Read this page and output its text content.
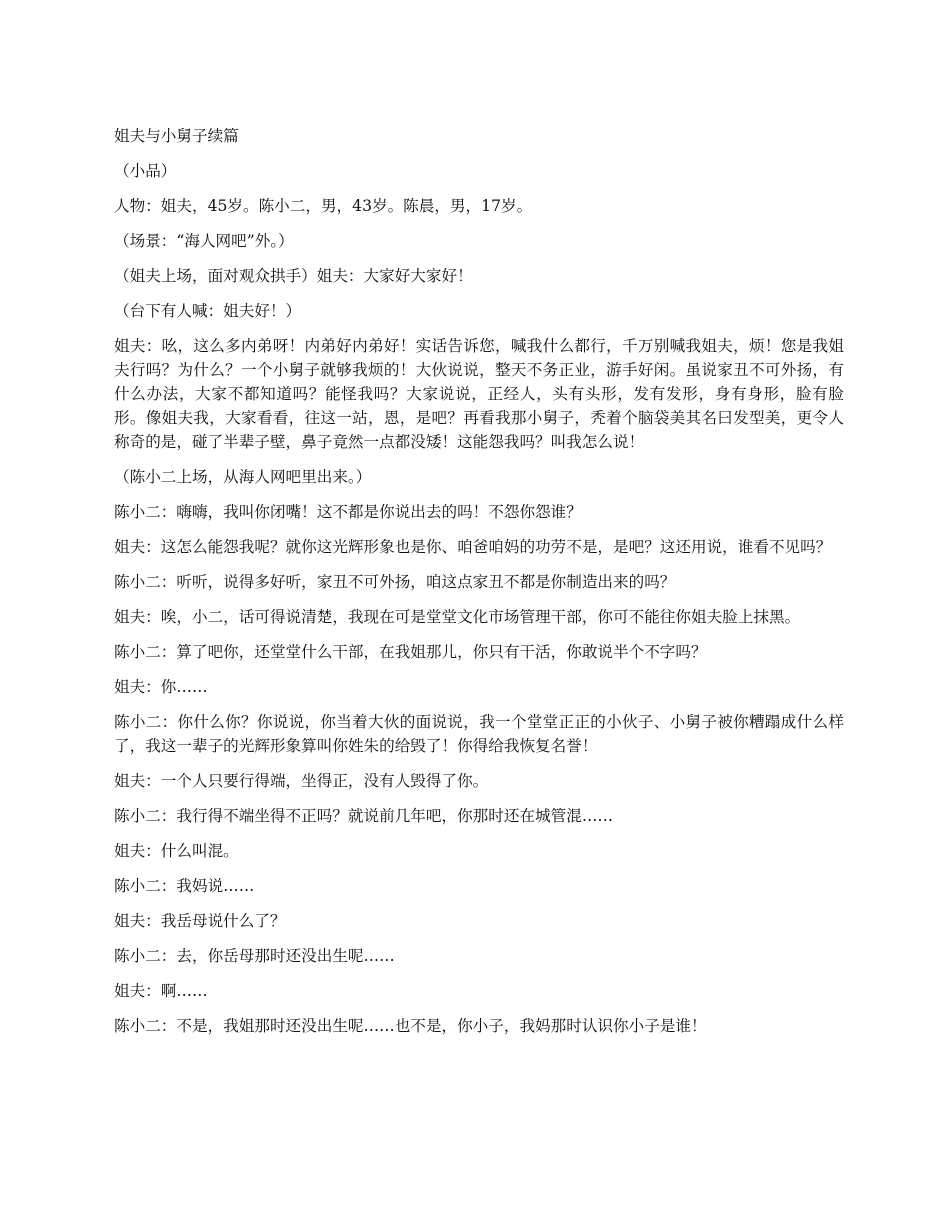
姐夫与小舅子续篇

（小品）

人物：姐夫，45岁。陈小二，男，43岁。陈晨，男，17岁。

（场景：“海人网吧”外。）

（姐夫上场，面对观众拱手）姐夫：大家好大家好！

（台下有人喊：姐夫好！）

姐夫：吆，这么多内弟呀！内弟好内弟好！实话告诉您，喊我什么都行，千万别喊我姐夫，烦！您是我姐夫行吗？为什么？一个小舅子就够我烦的！大伙说说，整天不务正业，游手好闲。虽说家丑不可外扬，有什么办法，大家不都知道吗？能怪我吗？大家说说，正经人，头有头形，发有发形，身有身形，脸有脸形。像姐夫我，大家看看，往这一站，恩，是吧？再看我那小舅子，秃着个脑袋美其名曰发型美，更令人称奇的是，碰了半辈子壁，鼻子竟然一点都没矮！这能怨我吗？叫我怎么说！

（陈小二上场，从海人网吧里出来。）

陈小二：嗨嗨，我叫你闭嘴！这不都是你说出去的吗！不怨你怨谁？

姐夫：这怎么能怨我呢？就你这光辉形象也是你、咱爸咱妈的功劳不是，是吧？这还用说，谁看不见吗？

陈小二：听听，说得多好听，家丑不可外扬，咱这点家丑不都是你制造出来的吗？

姐夫：唉，小二，话可得说清楚，我现在可是堂堂文化市场管理干部，你可不能往你姐夫脸上抹黑。

陈小二：算了吧你，还堂堂什么干部，在我姐那儿，你只有干活，你敢说半个不字吗？

姐夫：你……

陈小二：你什么你？你说说，你当着大伙的面说说，我一个堂堂正正的小伙子、小舅子被你糟蹋成什么样了，我这一辈子的光辉形象算叫你姓朱的给毁了！你得给我恢复名誉！

姐夫：一个人只要行得端，坐得正，没有人毁得了你。

陈小二：我行得不端坐得不正吗？就说前几年吧，你那时还在城管混……

姐夫：什么叫混。

陈小二：我妈说……

姐夫：我岳母说什么了？

陈小二：去，你岳母那时还没出生呢……

姐夫：啊……

陈小二：不是，我姐那时还没出生呢……也不是，你小子，我妈那时认识你小子是谁！
